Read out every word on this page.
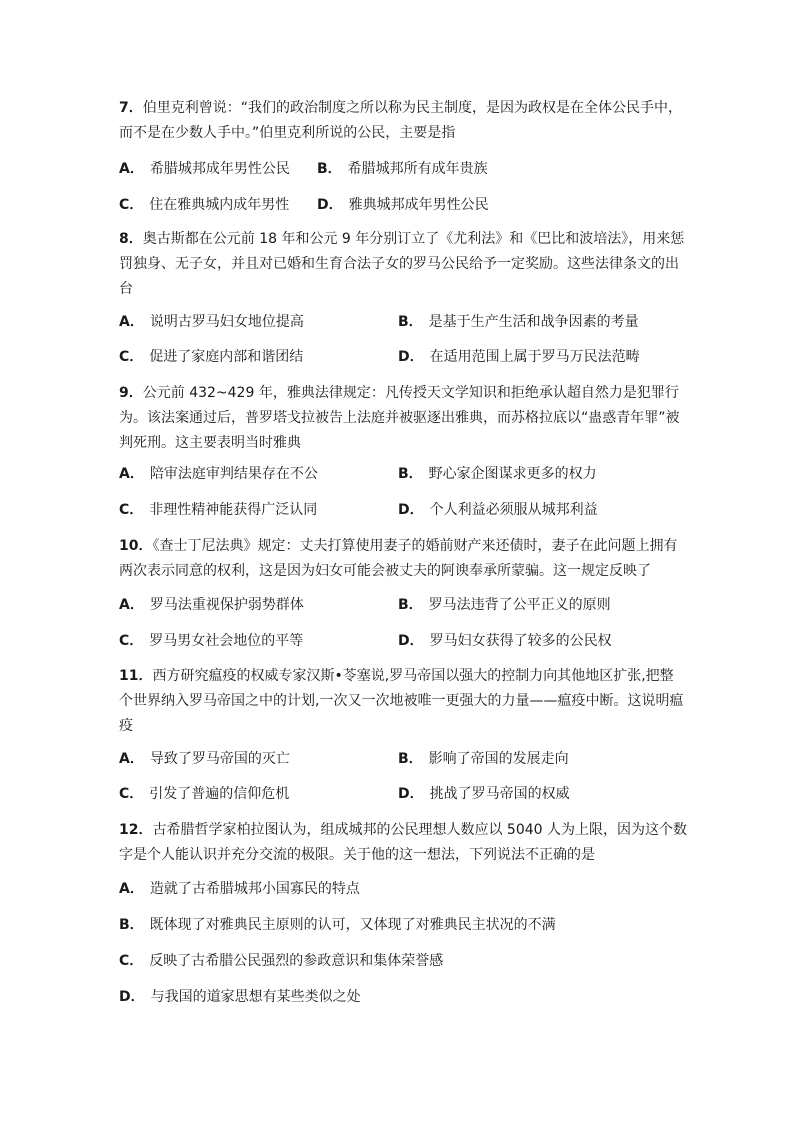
7．伯里克利曾说：“我们的政治制度之所以称为民主制度，是因为政权是在全体公民手中，而不是在少数人手中。”伯里克利所说的公民，主要是指

A． 希腊城邦成年男性公民 B． 希腊城邦所有成年贵族
C． 住在雅典城内成年男性 D． 雅典城邦成年男性公民

8．奥古斯都在公元前 18 年和公元 9 年分别订立了《尤利法》和《巴比和波培法》，用来惩罚独身、无子女，并且对已婚和生育合法子女的罗马公民给予一定奖励。这些法律条文的出台

A． 说明古罗马妇女地位提高	B． 是基于生产生活和战争因素的考量
C． 促进了家庭内部和谐团结	D． 在适用范围上属于罗马万民法范畴

9．公元前 432~429 年，雅典法律规定：凡传授天文学知识和拒绝承认超自然力是犯罪行为。该法案通过后，普罗塔戈拉被告上法庭并被驱逐出雅典，而苏格拉底以“蛊惑青年罪”被判死刑。这主要表明当时雅典

A． 陪审法庭审判结果存在不公	B． 野心家企图谋求更多的权力
C． 非理性精神能获得广泛认同	D． 个人利益必须服从城邦利益

10．《查士丁尼法典》规定：丈夫打算使用妻子的婚前财产来还债时，妻子在此问题上拥有两次表示同意的权利，这是因为妇女可能会被丈夫的阿谀奉承所蒙骗。这一规定反映了

A． 罗马法重视保护弱势群体	B． 罗马法违背了公平正义的原则
C． 罗马男女社会地位的平等	D． 罗马妇女获得了较多的公民权

11．西方研究瘟疫的权威专家汉斯•苓塞说,罗马帝国以强大的控制力向其他地区扩张,把整个世界纳入罗马帝国之中的计划,一次又一次地被唯一更强大的力量——瘟疫中断。这说明瘟疫

A． 导致了罗马帝国的灭亡	B． 影响了帝国的发展走向
C． 引发了普遍的信仰危机	D． 挑战了罗马帝国的权威

12．古希腊哲学家柏拉图认为，组成城邦的公民理想人数应以 5040 人为上限，因为这个数字是个人能认识并充分交流的极限。关于他的这一想法，下列说法不正确的是

A． 造就了古希腊城邦小国寡民的特点
B． 既体现了对雅典民主原则的认可，又体现了对雅典民主状况的不满
C． 反映了古希腊公民强烈的参政意识和集体荣誉感
D． 与我国的道家思想有某些类似之处
